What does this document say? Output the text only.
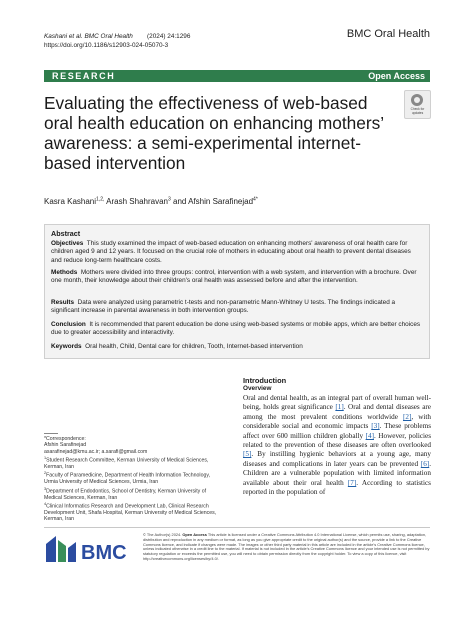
Kashani et al. BMC Oral Health (2024) 24:1296
https://doi.org/10.1186/s12903-024-05070-3
BMC Oral Health
RESEARCH	Open Access
Check for updates
Evaluating the effectiveness of web-based oral health education on enhancing mothers’ awareness: a semi-experimental internet-based intervention
Kasra Kashani$^{1,2,}$ Arash Shahravan$^3$ and Afshin Sarafinejad$^{4*}$
Abstract
Objectives This study examined the impact of web-based education on enhancing mothers' awareness of oral health care for children aged 9 and 12 years. It focused on the crucial role of mothers in educating about oral health to prevent dental diseases and reduce long-term healthcare costs.
Methods Mothers were divided into three groups: control, intervention with a web system, and intervention with a brochure. Over one month, their knowledge about their children's oral health was assessed before and after the intervention.
Results Data were analyzed using parametric t-tests and non-parametric Mann-Whitney U tests. The findings indicated a significant increase in parental awareness in both intervention groups.
Conclusion It is recommended that parent education be done using web-based systems or mobile apps, which are better choices due to greater accessibility and interactivity.
Keywords Oral health, Child, Dental care for children, Tooth, Internet-based intervention
Introduction
Overview
Oral and dental health, as an integral part of overall human well-being, holds great significance [1]. Oral and dental diseases are among the most prevalent conditions worldwide [2], with considerable social and economic impacts [3]. These problems affect over 600 million children globally [4]. However, policies related to the prevention of these diseases are often overlooked [5]. By instilling hygienic behaviors at a young age, many diseases and complications in later years can be prevented [6]. Children are a vulnerable population with limited information available about their oral health [7]. According to statistics reported in the population of
*Correspondence:
Afshin Sarafinejad
asarafinejad@kmu.ac.ir; a.sarafi@gmail.com
$^1$Student Research Committee, Kerman University of Medical Sciences, Kerman, Iran
$^2$Faculty of Paramedicine, Department of Health Information Technology, Urmia University of Medical Sciences, Urmia, Iran
$^3$Department of Endodontics, School of Dentistry, Kerman University of Medical Sciences, Kerman, Iran
$^4$Clinical Informatics Research and Development Lab, Clinical Research Development Unit, Shafa Hospital, Kerman University of Medical Sciences, Kerman, Iran
BMC
© The Author(s) 2024. Open Access This article is licensed under a Creative Commons Attribution 4.0 International License, which permits use, sharing, adaptation, distribution and reproduction in any medium or format, as long as you give appropriate credit to the original author(s) and the source, provide a link to the Creative Commons licence, and indicate if changes were made. The images or other third party material in this article are included in the article's Creative Commons licence, unless indicated otherwise in a credit line to the material. If material is not included in the article's Creative Commons licence and your intended use is not permitted by statutory regulation or exceeds the permitted use, you will need to obtain permission directly from the copyright holder. To view a copy of this licence, visit http://creativecommons.org/licenses/by/4.0/.
